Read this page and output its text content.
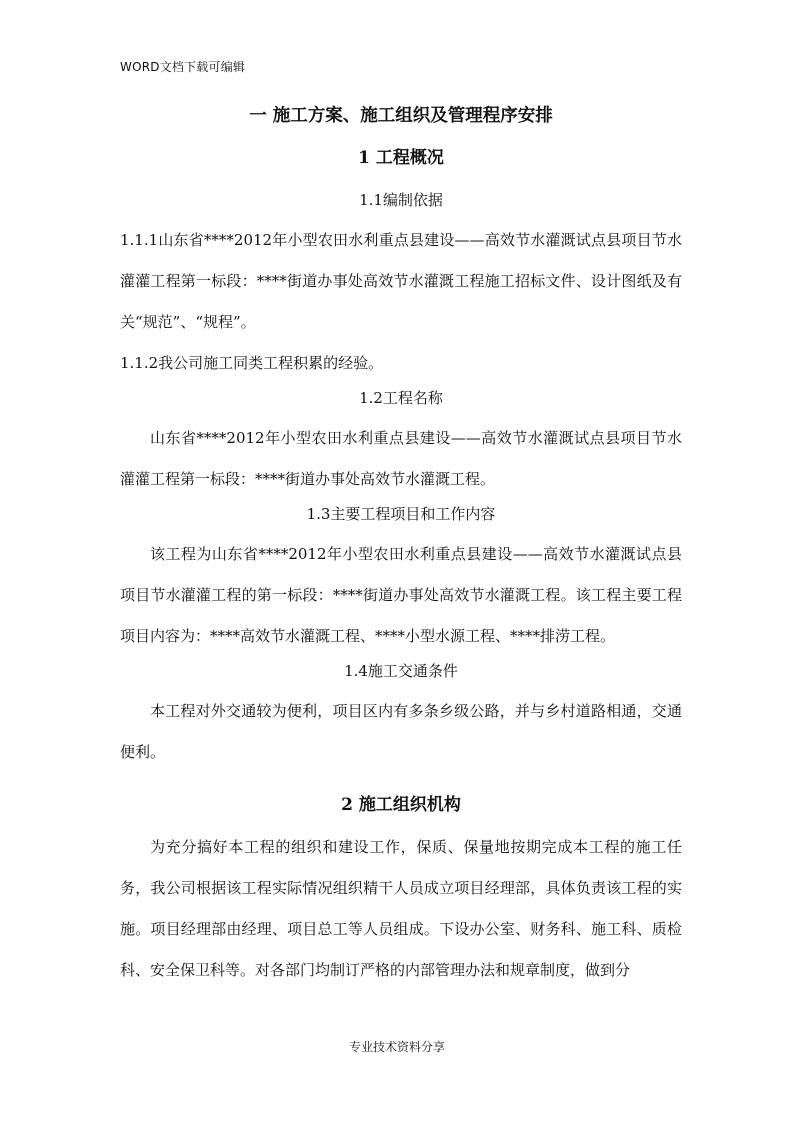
WORD文档下载可编辑
一 施工方案、施工组织及管理程序安排
1 工程概况
1.1编制依据

1.1.1山东省****2012年小型农田水利重点县建设——高效节水灌溉试点县项目节水灌灌工程第一标段：****街道办事处高效节水灌溉工程施工招标文件、设计图纸及有关“规范”、“规程”。

1.1.2我公司施工同类工程积累的经验。

1.2工程名称

山东省****2012年小型农田水利重点县建设——高效节水灌溉试点县项目节水灌灌工程第一标段：****街道办事处高效节水灌溉工程。

1.3主要工程项目和工作内容

该工程为山东省****2012年小型农田水利重点县建设——高效节水灌溉试点县项目节水灌灌工程的第一标段：****街道办事处高效节水灌溉工程。该工程主要工程项目内容为：****高效节水灌溉工程、****小型水源工程、****排涝工程。

1.4施工交通条件

本工程对外交通较为便利，项目区内有多条乡级公路，并与乡村道路相通，交通便利。

2 施工组织机构

为充分搞好本工程的组织和建设工作，保质、保量地按期完成本工程的施工任务，我公司根据该工程实际情况组织精干人员成立项目经理部，具体负责该工程的实施。项目经理部由经理、项目总工等人员组成。下设办公室、财务科、施工科、质检科、安全保卫科等。对各部门均制订严格的内部管理办法和规章制度，做到分

专业技术资料分享
